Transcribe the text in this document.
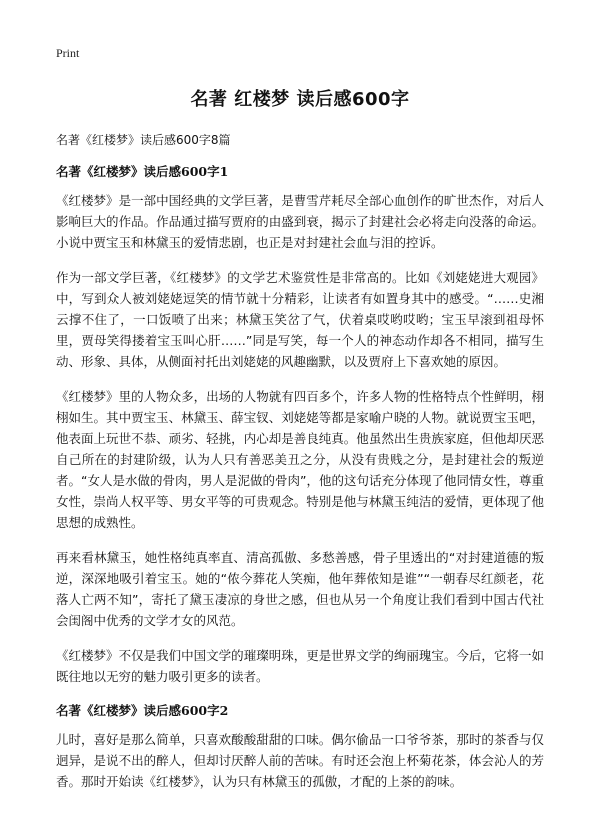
Print
名著 红楼梦 读后感600字
名著《红楼梦》读后感600字8篇
名著《红楼梦》读后感600字1

《红楼梦》是一部中国经典的文学巨著，是曹雪芹耗尽全部心血创作的旷世杰作，对后人影响巨大的作品。作品通过描写贾府的由盛到衰，揭示了封建社会必将走向没落的命运。小说中贾宝玉和林黛玉的爱情悲剧，也正是对封建社会血与泪的控诉。

作为一部文学巨著，《红楼梦》的文学艺术鉴赏性是非常高的。比如《刘姥姥进大观园》中，写到众人被刘姥姥逗笑的情节就十分精彩，让读者有如置身其中的感受。“……史湘云撑不住了，一口饭喷了出来；林黛玉笑岔了气，伏着桌哎哟哎哟；宝玉早滚到祖母怀里，贾母笑得搂着宝玉叫心肝……”同是写笑，每一个人的神态动作却各不相同，描写生动、形象、具体，从侧面衬托出刘姥姥的风趣幽默，以及贾府上下喜欢她的原因。

《红楼梦》里的人物众多，出场的人物就有四百多个，许多人物的性格特点个性鲜明，栩栩如生。其中贾宝玉、林黛玉、薛宝钗、刘姥姥等都是家喻户晓的人物。就说贾宝玉吧，他表面上玩世不恭、顽劣、轻挑，内心却是善良纯真。他虽然出生贵族家庭，但他却厌恶自己所在的封建阶级，认为人只有善恶美丑之分，从没有贵贱之分，是封建社会的叛逆者。“女人是水做的骨肉，男人是泥做的骨肉”，他的这句话充分体现了他同情女性，尊重女性，崇尚人权平等、男女平等的可贵观念。特别是他与林黛玉纯洁的爱情，更体现了他思想的成熟性。

再来看林黛玉，她性格纯真率直、清高孤傲、多愁善感，骨子里透出的“对封建道德的叛逆，深深地吸引着宝玉。她的“侬今葬花人笑痴，他年葬侬知是谁”“一朝春尽红颜老，花落人亡两不知”，寄托了黛玉凄凉的身世之感，但也从另一个角度让我们看到中国古代社会闺阁中优秀的文学才女的风范。

《红楼梦》不仅是我们中国文学的璀璨明珠，更是世界文学的绚丽瑰宝。今后，它将一如既往地以无穷的魅力吸引更多的读者。

名著《红楼梦》读后感600字2

儿时，喜好是那么简单，只喜欢酸酸甜甜的口味。偶尔偷品一口爷爷茶，那时的茶香与仅迥异，是说不出的醉人，但却讨厌醉人前的苦味。有时还会泡上杯菊花茶，体会沁人的芳香。那时开始读《红楼梦》，认为只有林黛玉的孤傲，才配的上茶的韵味。
